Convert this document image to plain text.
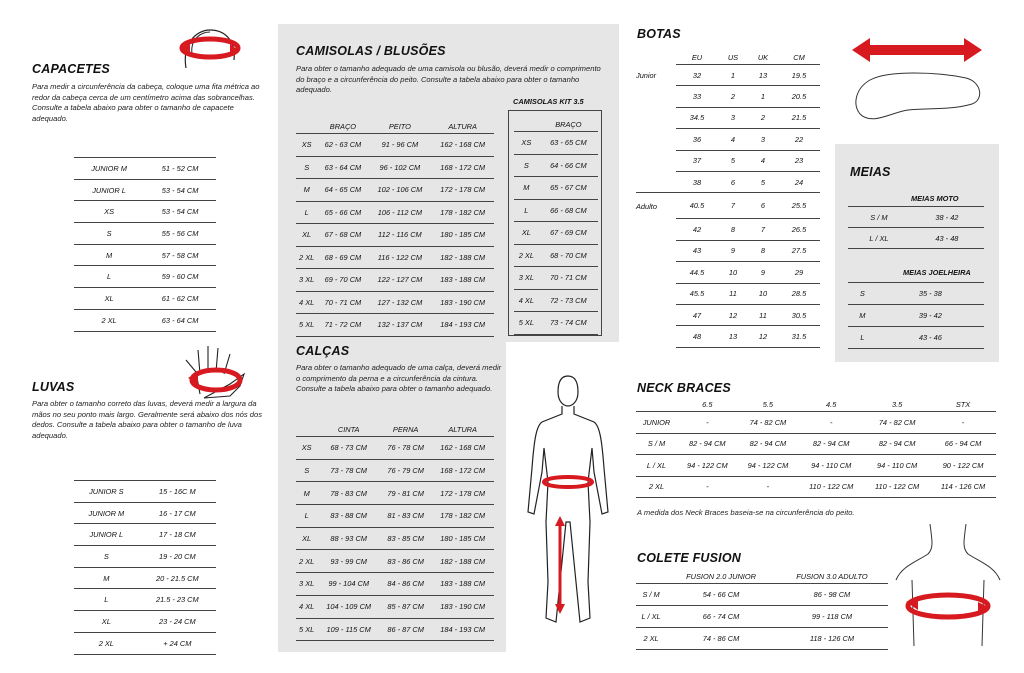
CAPACETES
Para medir a circunferência da cabeça, coloque uma fita métrica ao redor da cabeça cerca de um centímetro acima das sobrancelhas. Consulte a tabela abaixo para obter o tamanho de capacete adequado.
JUNIOR M	51 - 52 CM
JUNIOR L	53 - 54 CM
XS	53 - 54 CM
S	55 - 56 CM
M	57 - 58 CM
L	59 - 60 CM
XL	61 - 62 CM
2 XL	63 - 64 CM
LUVAS
Para obter o tamanho correto das luvas, deverá medir a largura da mãos no seu ponto mais largo. Geralmente será abaixo dos nós dos dedos. Consulte a tabela abaixo para obter o tamanho de luva adequado.
JUNIOR S	15 - 16C M
JUNIOR M	16 - 17 CM
JUNIOR L	17 - 18 CM
S	19 - 20 CM
M	20 - 21.5 CM
L	21.5 - 23 CM
XL	23 - 24 CM
2 XL	+ 24 CM
CAMISOLAS / BLUSÕES
Para obter o tamanho adequado de uma camisola ou blusão, deverá medir o comprimento do braço e a circunferência do peito. Consulte a tabela abaixo para obter o tamanho adequado.
	BRAÇO	PEITO	ALTURA
XS	62 - 63 CM	91 - 96 CM	162 - 168 CM
S	63 - 64 CM	96 - 102 CM	168 - 172 CM
M	64 - 65 CM	102 - 106 CM	172 - 178 CM
L	65 - 66 CM	106 - 112 CM	178 - 182 CM
XL	67 - 68 CM	112 - 116 CM	180 - 185 CM
2 XL	68 - 69 CM	116 - 122 CM	182 - 188 CM
3 XL	69 - 70 CM	122 - 127 CM	183 - 188 CM
4 XL	70 - 71 CM	127 - 132 CM	183 - 190 CM
5 XL	71 - 72 CM	132 - 137 CM	184 - 193 CM
CAMISOLAS KIT 3.5
	BRAÇO
XS	63 - 65 CM
S	64 - 66 CM
M	65 - 67 CM
L	66 - 68 CM
XL	67 - 69 CM
2 XL	68 - 70 CM
3 XL	70 - 71 CM
4 XL	72 - 73 CM
5 XL	73 - 74 CM
CALÇAS
Para obter o tamanho adequado de uma calça, deverá medir o comprimento da perna e a circunferência da cintura. Consulte a tabela abaixo para obter o tamanho adequado.
	CINTA	PERNA	ALTURA
XS	68 - 73 CM	76 - 78 CM	162 - 168 CM
S	73 - 78 CM	76 - 79 CM	168 - 172 CM
M	78 - 83 CM	79 - 81 CM	172 - 178 CM
L	83 - 88 CM	81 - 83 CM	178 - 182 CM
XL	88 - 93 CM	83 - 85 CM	180 - 185 CM
2 XL	93 - 99 CM	83 - 86 CM	182 - 188 CM
3 XL	99 - 104 CM	84 - 86 CM	183 - 188 CM
4 XL	104 - 109 CM	85 - 87 CM	183 - 190 CM
5 XL	109 - 115 CM	86 - 87 CM	184 - 193 CM
BOTAS
	EU	US	UK	CM
Junior	32	1	13	19.5
	33	2	1	20.5
	34.5	3	2	21.5
	36	4	3	22
	37	5	4	23
	38	6	5	24
Adulto	40.5	7	6	25.5
	42	8	7	26.5
	43	9	8	27.5
	44.5	10	9	29
	45.5	11	10	28.5
	47	12	11	30.5
	48	13	12	31.5
MEIAS
MEIAS MOTO
S / M	38 - 42
L / XL	43 - 48
MEIAS JOELHEIRA
S	35 - 38
M	39 - 42
L	43 - 46
NECK BRACES
	6.5	5.5	4.5	3.5	STX
JUNIOR	-	74 - 82 CM	-	74 - 82 CM	-
S / M	82 - 94 CM	82 - 94 CM	82 - 94 CM	82 - 94 CM	66 - 94 CM
L / XL	94 - 122 CM	94 - 122 CM	94 - 110 CM	94 - 110 CM	90 - 122 CM
2 XL	-	-	110 - 122 CM	110 - 122 CM	114 - 126 CM
A medida dos Neck Braces baseia-se na circunferência do peito.
COLETE FUSION
	FUSION 2.0 JUNIOR	FUSION 3.0 ADULTO
S / M	54 - 66 CM	86 - 98 CM
L / XL	66 - 74 CM	99 - 118 CM
2 XL	74 - 86 CM	118 - 126 CM
